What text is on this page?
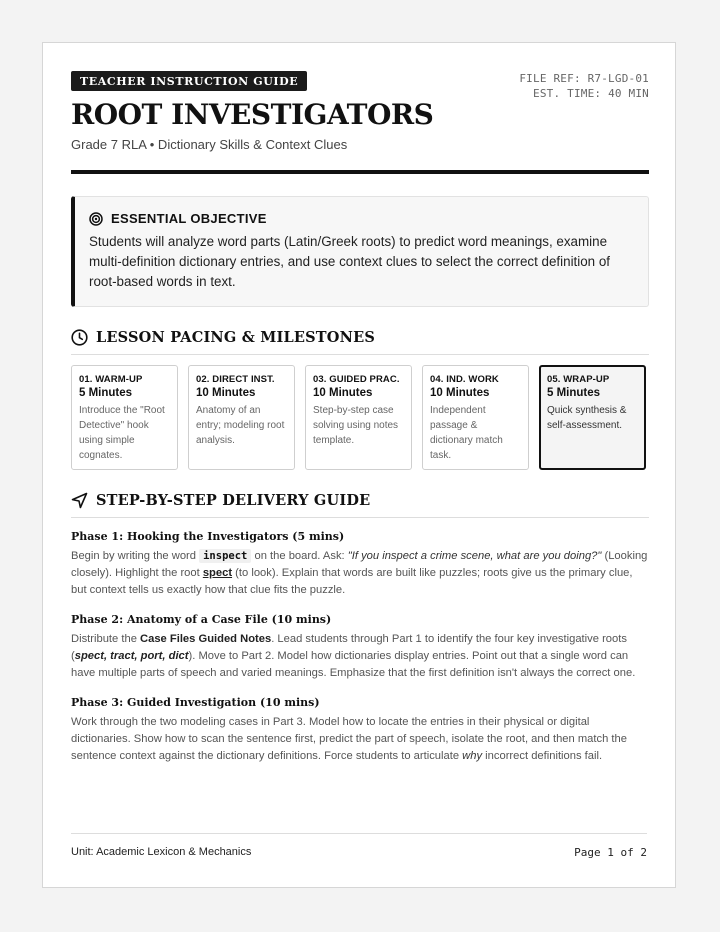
FILE REF: R7-LGD-01
EST. TIME: 40 MIN
TEACHER INSTRUCTION GUIDE
ROOT INVESTIGATORS
Grade 7 RLA • Dictionary Skills & Context Clues
ESSENTIAL OBJECTIVE
Students will analyze word parts (Latin/Greek roots) to predict word meanings, examine multi-definition dictionary entries, and use context clues to select the correct definition of root-based words in text.
LESSON PACING & MILESTONES
01. WARM-UP
5 Minutes
Introduce the "Root Detective" hook using simple cognates.
02. DIRECT INST.
10 Minutes
Anatomy of an entry; modeling root analysis.
03. GUIDED PRAC.
10 Minutes
Step-by-step case solving using notes template.
04. IND. WORK
10 Minutes
Independent passage & dictionary match task.
05. WRAP-UP
5 Minutes
Quick synthesis & self-assessment.
STEP-BY-STEP DELIVERY GUIDE
Phase 1: Hooking the Investigators (5 mins)
Begin by writing the word inspect on the board. Ask: "If you inspect a crime scene, what are you doing?" (Looking closely). Highlight the root spect (to look). Explain that words are built like puzzles; roots give us the primary clue, but context tells us exactly how that clue fits the puzzle.
Phase 2: Anatomy of a Case File (10 mins)
Distribute the Case Files Guided Notes. Lead students through Part 1 to identify the four key investigative roots (spect, tract, port, dict). Move to Part 2. Model how dictionaries display entries. Point out that a single word can have multiple parts of speech and varied meanings. Emphasize that the first definition isn't always the correct one.
Phase 3: Guided Investigation (10 mins)
Work through the two modeling cases in Part 3. Model how to locate the entries in their physical or digital dictionaries. Show how to scan the sentence first, predict the part of speech, isolate the root, and then match the sentence context against the dictionary definitions. Force students to articulate why incorrect definitions fail.
Unit: Academic Lexicon & Mechanics	Page 1 of 2
